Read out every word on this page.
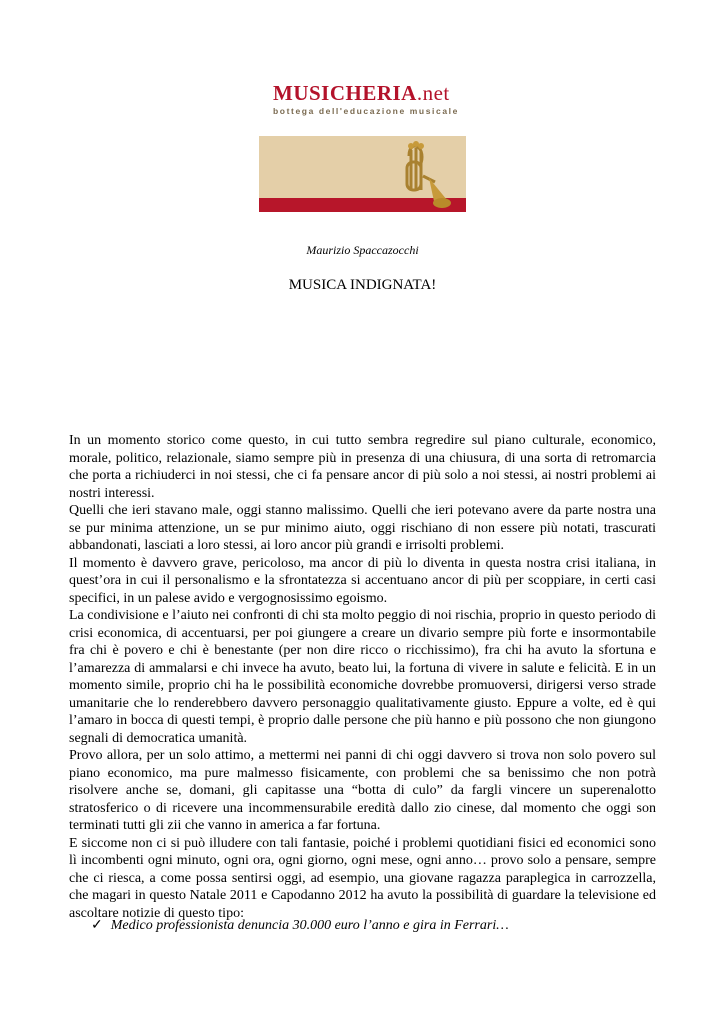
MUSICHERIA.net
bottega dell'educazione musicale
Maurizio Spaccazocchi
MUSICA INDIGNATA!

In un momento storico come questo, in cui tutto sembra regredire sul piano culturale, economico, morale, politico, relazionale, siamo sempre più in presenza di una chiusura, di una sorta di retromarcia che porta a richiuderci in noi stessi, che ci fa pensare ancor di più solo a noi stessi, ai nostri problemi ai nostri interessi.

Quelli che ieri stavano male, oggi stanno malissimo. Quelli che ieri potevano avere da parte nostra una se pur minima attenzione, un se pur minimo aiuto, oggi rischiano di non essere più notati, trascurati abbandonati, lasciati a loro stessi, ai loro ancor più grandi e irrisolti problemi.

Il momento è davvero grave, pericoloso, ma ancor di più lo diventa in questa nostra crisi italiana, in quest’ora in cui il personalismo e la sfrontatezza si accentuano ancor di più per scoppiare, in certi casi specifici, in un palese avido e vergognosissimo egoismo.

La condivisione e l’aiuto nei confronti di chi sta molto peggio di noi rischia, proprio in questo periodo di crisi economica, di accentuarsi, per poi giungere a creare un divario sempre più forte e insormontabile fra chi è povero e chi è benestante (per non dire ricco o ricchissimo), fra chi ha avuto la sfortuna e l’amarezza di ammalarsi e chi invece ha avuto, beato lui, la fortuna di vivere in salute e felicità. E in un momento simile, proprio chi ha le possibilità economiche dovrebbe promuoversi, dirigersi verso strade umanitarie che lo renderebbero davvero personaggio qualitativamente giusto. Eppure a volte, ed è qui l’amaro in bocca di questi tempi, è proprio dalle persone che più hanno e più possono che non giungono segnali di democratica umanità.

Provo allora, per un solo attimo, a mettermi nei panni di chi oggi davvero si trova non solo povero sul piano economico, ma pure malmesso fisicamente, con problemi che sa benissimo che non potrà risolvere anche se, domani, gli capitasse una “botta di culo” da fargli vincere un superenalotto stratosferico o di ricevere una incommensurabile eredità dallo zio cinese, dal momento che oggi son terminati tutti gli zii che vanno in america a far fortuna.

E siccome non ci si può illudere con tali fantasie, poiché i problemi quotidiani fisici ed economici sono lì incombenti ogni minuto, ogni ora, ogni giorno, ogni mese, ogni anno… provo solo a pensare, sempre che ci riesca, a come possa sentirsi oggi, ad esempio, una giovane ragazza paraplegica in carrozzella, che magari in questo Natale 2011 e Capodanno 2012 ha avuto la possibilità di guardare la televisione ed ascoltare notizie di questo tipo:

✓ Medico professionista denuncia 30.000 euro l’anno e gira in Ferrari…
